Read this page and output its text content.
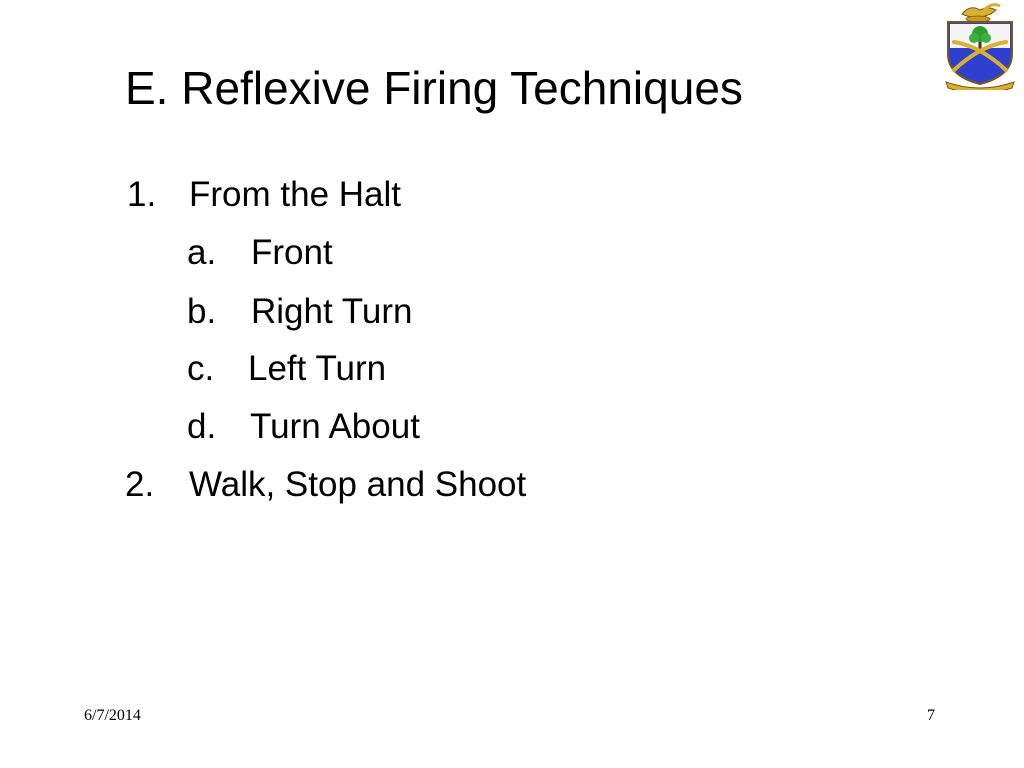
E. Reflexive Firing Techniques
1. From the Halt
a. Front
b. Right Turn
c. Left Turn
d. Turn About
2. Walk, Stop and Shoot
6/7/2014	7
